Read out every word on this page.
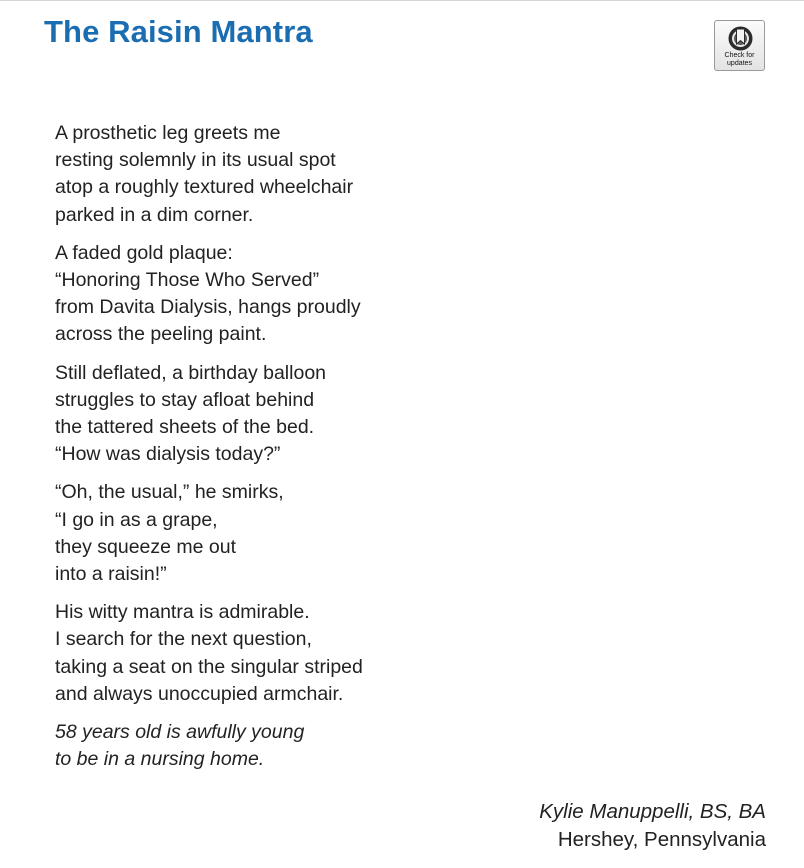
The Raisin Mantra
Check for
updates
A prosthetic leg greets me
resting solemnly in its usual spot
atop a roughly textured wheelchair
parked in a dim corner.
A faded gold plaque:
“Honoring Those Who Served”
from Davita Dialysis, hangs proudly
across the peeling paint.
Still deflated, a birthday balloon
struggles to stay afloat behind
the tattered sheets of the bed.
“How was dialysis today?”
“Oh, the usual,” he smirks,
“I go in as a grape,
they squeeze me out
into a raisin!”
His witty mantra is admirable.
I search for the next question,
taking a seat on the singular striped
and always unoccupied armchair.
58 years old is awfully young
to be in a nursing home.
Kylie Manuppelli, BS, BA
Hershey, Pennsylvania
